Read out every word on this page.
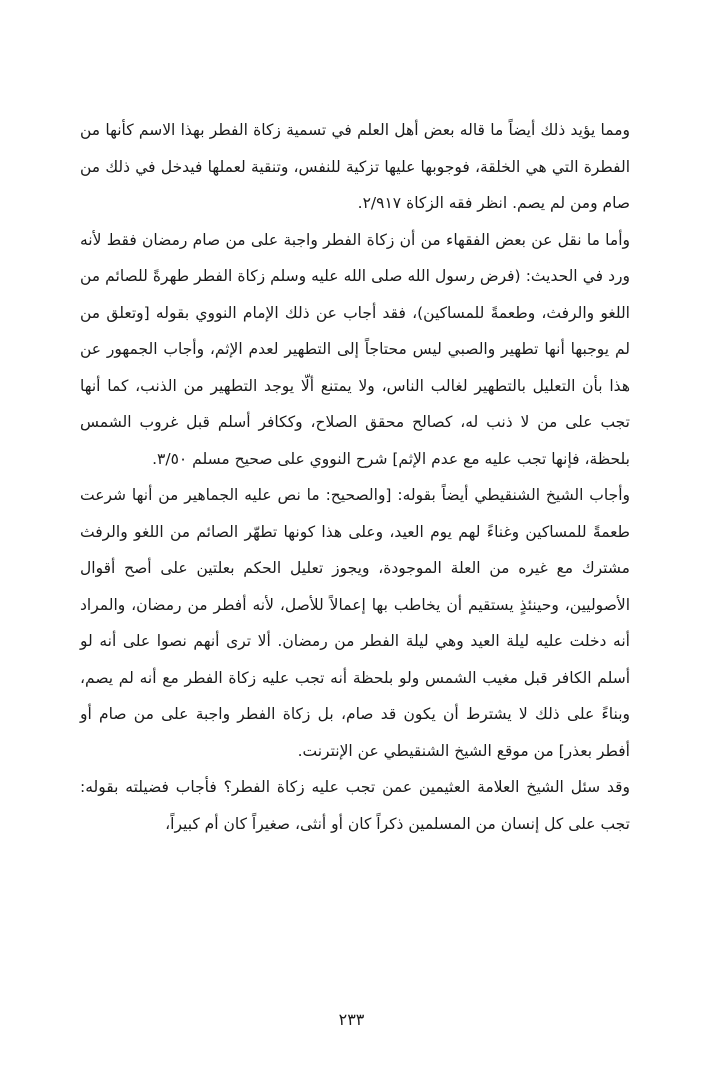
ومما يؤيد ذلك أيضاً ما قاله بعض أهل العلم في تسمية زكاة الفطر بهذا الاسم كأنها من الفطرة التي هي الخلقة، فوجوبها عليها تزكية للنفس، وتنقية لعملها فيدخل في ذلك من صام ومن لم يصم. انظر فقه الزكاة ٢/٩١٧.

وأما ما نقل عن بعض الفقهاء من أن زكاة الفطر واجبة على من صام رمضان فقط لأنه ورد في الحديث: (فرض رسول الله صلى الله عليه وسلم زكاة الفطر طهرةً للصائم من اللغو والرفث، وطعمةً للمساكين)، فقد أجاب عن ذلك الإمام النووي بقوله [وتعلق من لم يوجبها أنها تطهير والصبي ليس محتاجاً إلى التطهير لعدم الإثم، وأجاب الجمهور عن هذا بأن التعليل بالتطهير لغالب الناس، ولا يمتنع ألّا يوجد التطهير من الذنب، كما أنها تجب على من لا ذنب له، كصالح محقق الصلاح، وككافر أسلم قبل غروب الشمس بلحظة، فإنها تجب عليه مع عدم الإثم] شرح النووي على صحيح مسلم ٣/٥٠.

وأجاب الشيخ الشنقيطي أيضاً بقوله: [والصحيح: ما نص عليه الجماهير من أنها شرعت طعمةً للمساكين وغناءً لهم يوم العيد، وعلى هذا كونها تطهّر الصائم من اللغو والرفث مشترك مع غيره من العلة الموجودة، ويجوز تعليل الحكم بعلتين على أصح أقوال الأصوليين، وحينئذٍ يستقيم أن يخاطب بها إعمالاً للأصل، لأنه أفطر من رمضان، والمراد أنه دخلت عليه ليلة العيد وهي ليلة الفطر من رمضان. ألا ترى أنهم نصوا على أنه لو أسلم الكافر قبل مغيب الشمس ولو بلحظة أنه تجب عليه زكاة الفطر مع أنه لم يصم، وبناءً على ذلك لا يشترط أن يكون قد صام، بل زكاة الفطر واجبة على من صام أو أفطر بعذر] من موقع الشيخ الشنقيطي عن الإنترنت.

وقد سئل الشيخ العلامة العثيمين عمن تجب عليه زكاة الفطر؟ فأجاب فضيلته بقوله: تجب على كل إنسان من المسلمين ذكراً كان أو أنثى، صغيراً كان أم كبيراً،

٢٣٣
